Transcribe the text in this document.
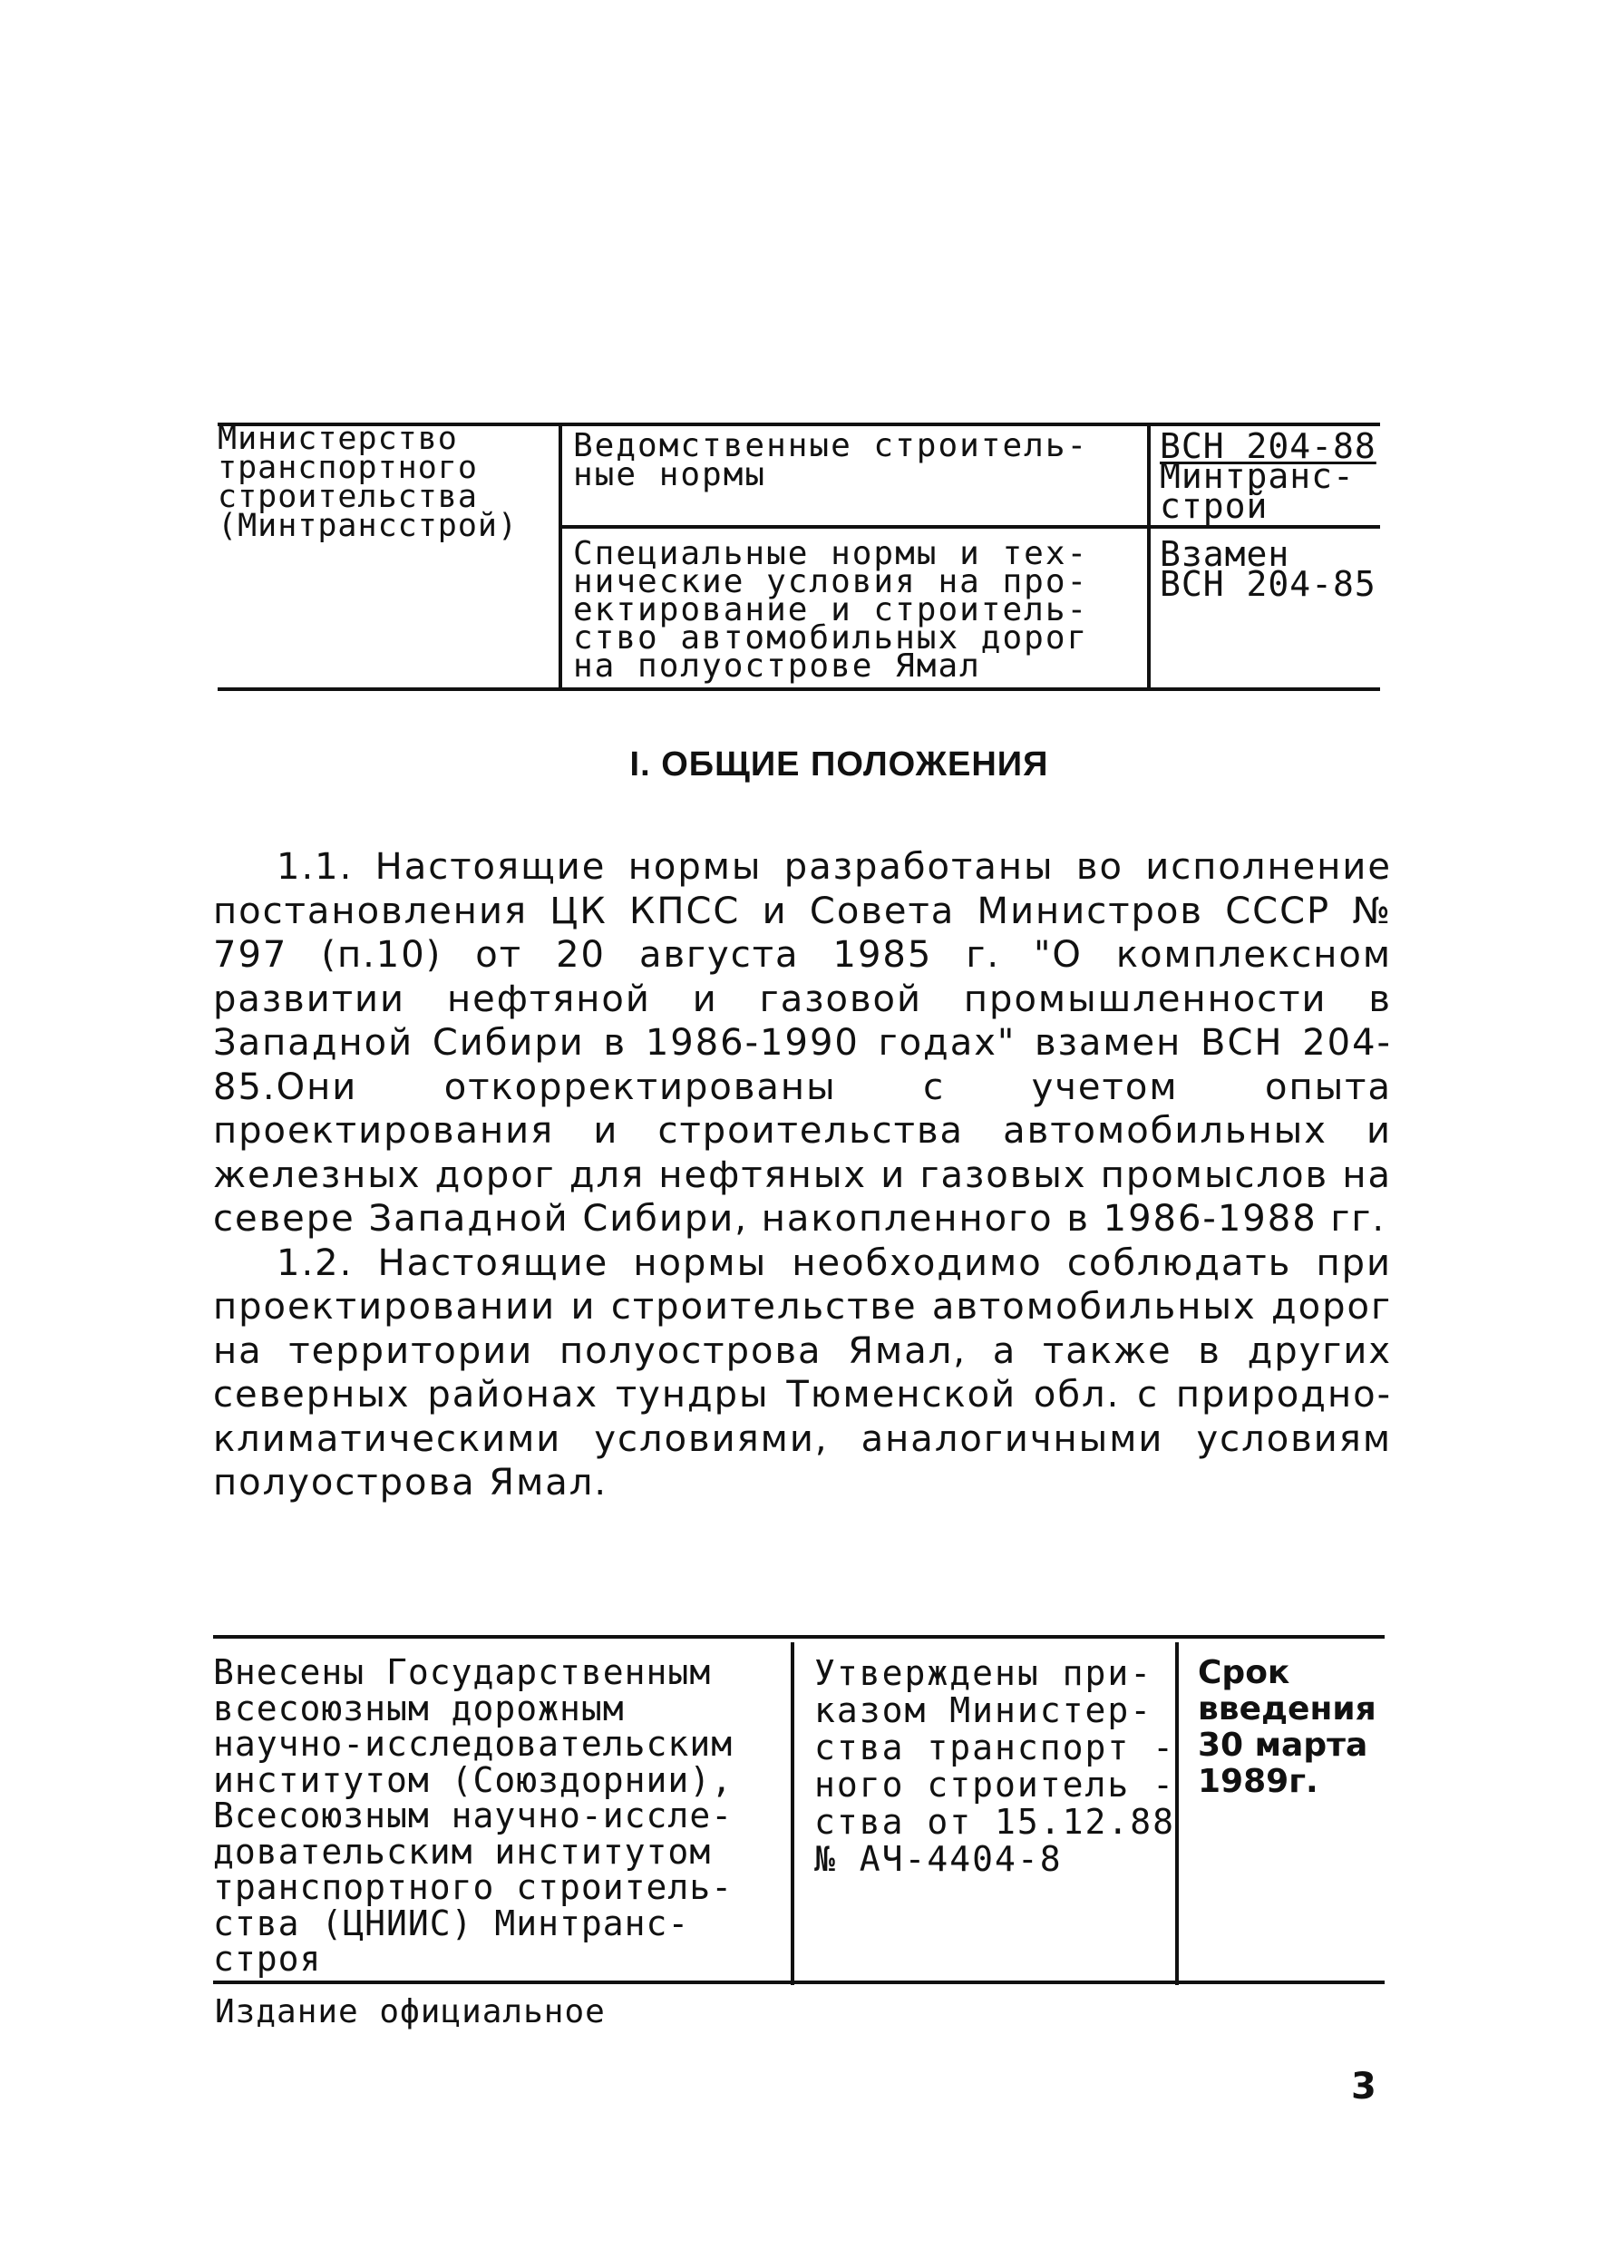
Министерство
транспортного
строительства
(Минтрансстрой)
Ведомственные строитель-
ные нормы
Специальные нормы и тех-
нические условия на про-
ектирование и строитель-
ство автомобильных дорог
на полуострове Ямал
ВСН 204-88
Минтранс-
строй
Взамен
ВСН 204-85
I. ОБЩИЕ ПОЛОЖЕНИЯ

1.1. Настоящие нормы разработаны во исполнение постановления ЦК КПСС и Совета Министров СССР № 797 (п.10) от 20 августа 1985 г. "О комплексном развитии нефтяной и газовой промышленности в Западной Сибири в 1986-1990 годах" взамен ВСН 204-85.Они откорректированы с учетом опыта проектирования и строительства автомобильных и железных дорог для нефтяных и газовых промыслов на севере Западной Сибири, накопленного в 1986-1988 гг.

1.2. Настоящие нормы необходимо соблюдать при проектировании и строительстве автомобильных дорог на территории полуострова Ямал, а также в других северных районах тундры Тюменской обл. с природно-климатическими условиями, аналогичными условиям полуострова Ямал.

Внесены Государственным
всесоюзным дорожным
научно-исследовательским
институтом (Союздорнии),
Всесоюзным научно-иссле-
довательским институтом
транспортного строитель-
ства (ЦНИИС) Минтранс-
строя
Утверждены при-
казом Министер-
ства транспорт -
ного строитель -
ства от 15.12.88
№ АЧ-4404-8
Срок
введения
30 марта
1989г.
Издание официальное
3
